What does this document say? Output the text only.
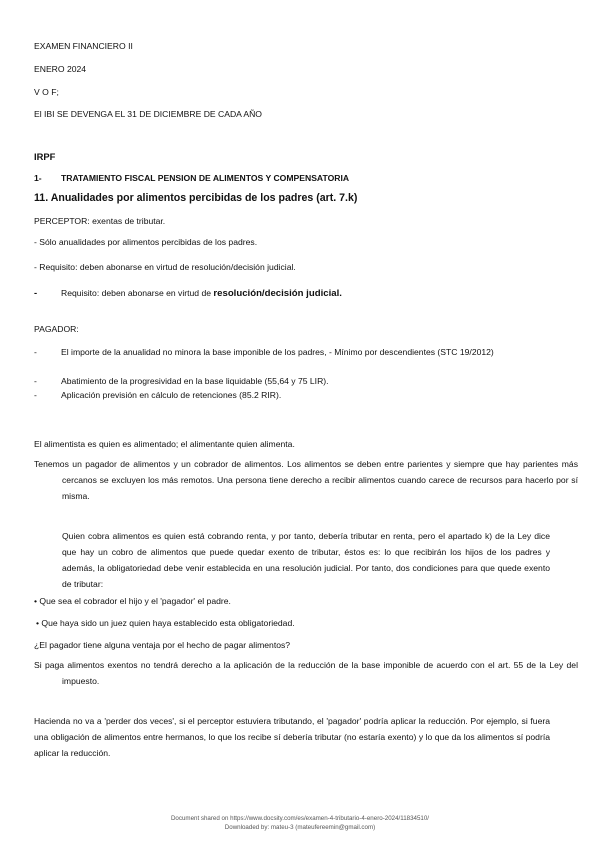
EXAMEN FINANCIERO II
ENERO 2024
V O F;
El IBI SE DEVENGA EL 31 DE DICIEMBRE DE CADA AÑO
IRPF
1- TRATAMIENTO FISCAL PENSION DE ALIMENTOS Y COMPENSATORIA
11. Anualidades por alimentos percibidas de los padres (art. 7.k)
PERCEPTOR: exentas de tributar.
- Sólo anualidades por alimentos percibidas de los padres.
- Requisito: deben abonarse en virtud de resolución/decisión judicial.
-	Requisito: deben abonarse en virtud de resolución/decisión judicial.
PAGADOR:
-	El importe de la anualidad no minora la base imponible de los padres, - Mínimo por descendientes (STC 19/2012)
-	Abatimiento de la progresividad en la base liquidable (55,64 y 75 LIR).
-	Aplicación previsión en cálculo de retenciones (85.2 RIR).
El alimentista es quien es alimentado; el alimentante quien alimenta.
Tenemos un pagador de alimentos y un cobrador de alimentos. Los alimentos se deben entre parientes y siempre que hay parientes más cercanos se excluyen los más remotos. Una persona tiene derecho a recibir alimentos cuando carece de recursos para hacerlo por sí misma.
Quien cobra alimentos es quien está cobrando renta, y por tanto, debería tributar en renta, pero el apartado k) de la Ley dice que hay un cobro de alimentos que puede quedar exento de tributar, éstos es: lo que recibirán los hijos de los padres y además, la obligatoriedad debe venir establecida en una resolución judicial. Por tanto, dos condiciones para que quede exento de tributar:
• Que sea el cobrador el hijo y el 'pagador' el padre.
• Que haya sido un juez quien haya establecido esta obligatoriedad.
¿El pagador tiene alguna ventaja por el hecho de pagar alimentos?
Si paga alimentos exentos no tendrá derecho a la aplicación de la reducción de la base imponible de acuerdo con el art. 55 de la Ley del impuesto.
Hacienda no va a 'perder dos veces', si el perceptor estuviera tributando, el 'pagador' podría aplicar la reducción. Por ejemplo, si fuera una obligación de alimentos entre hermanos, lo que los recibe sí debería tributar (no estaría exento) y lo que da los alimentos sí podría aplicar la reducción.
Document shared on https://www.docsity.com/es/examen-4-tributario-4-enero-2024/11834510/
Downloaded by: mateu-3 (mateufereemin@gmail.com)
